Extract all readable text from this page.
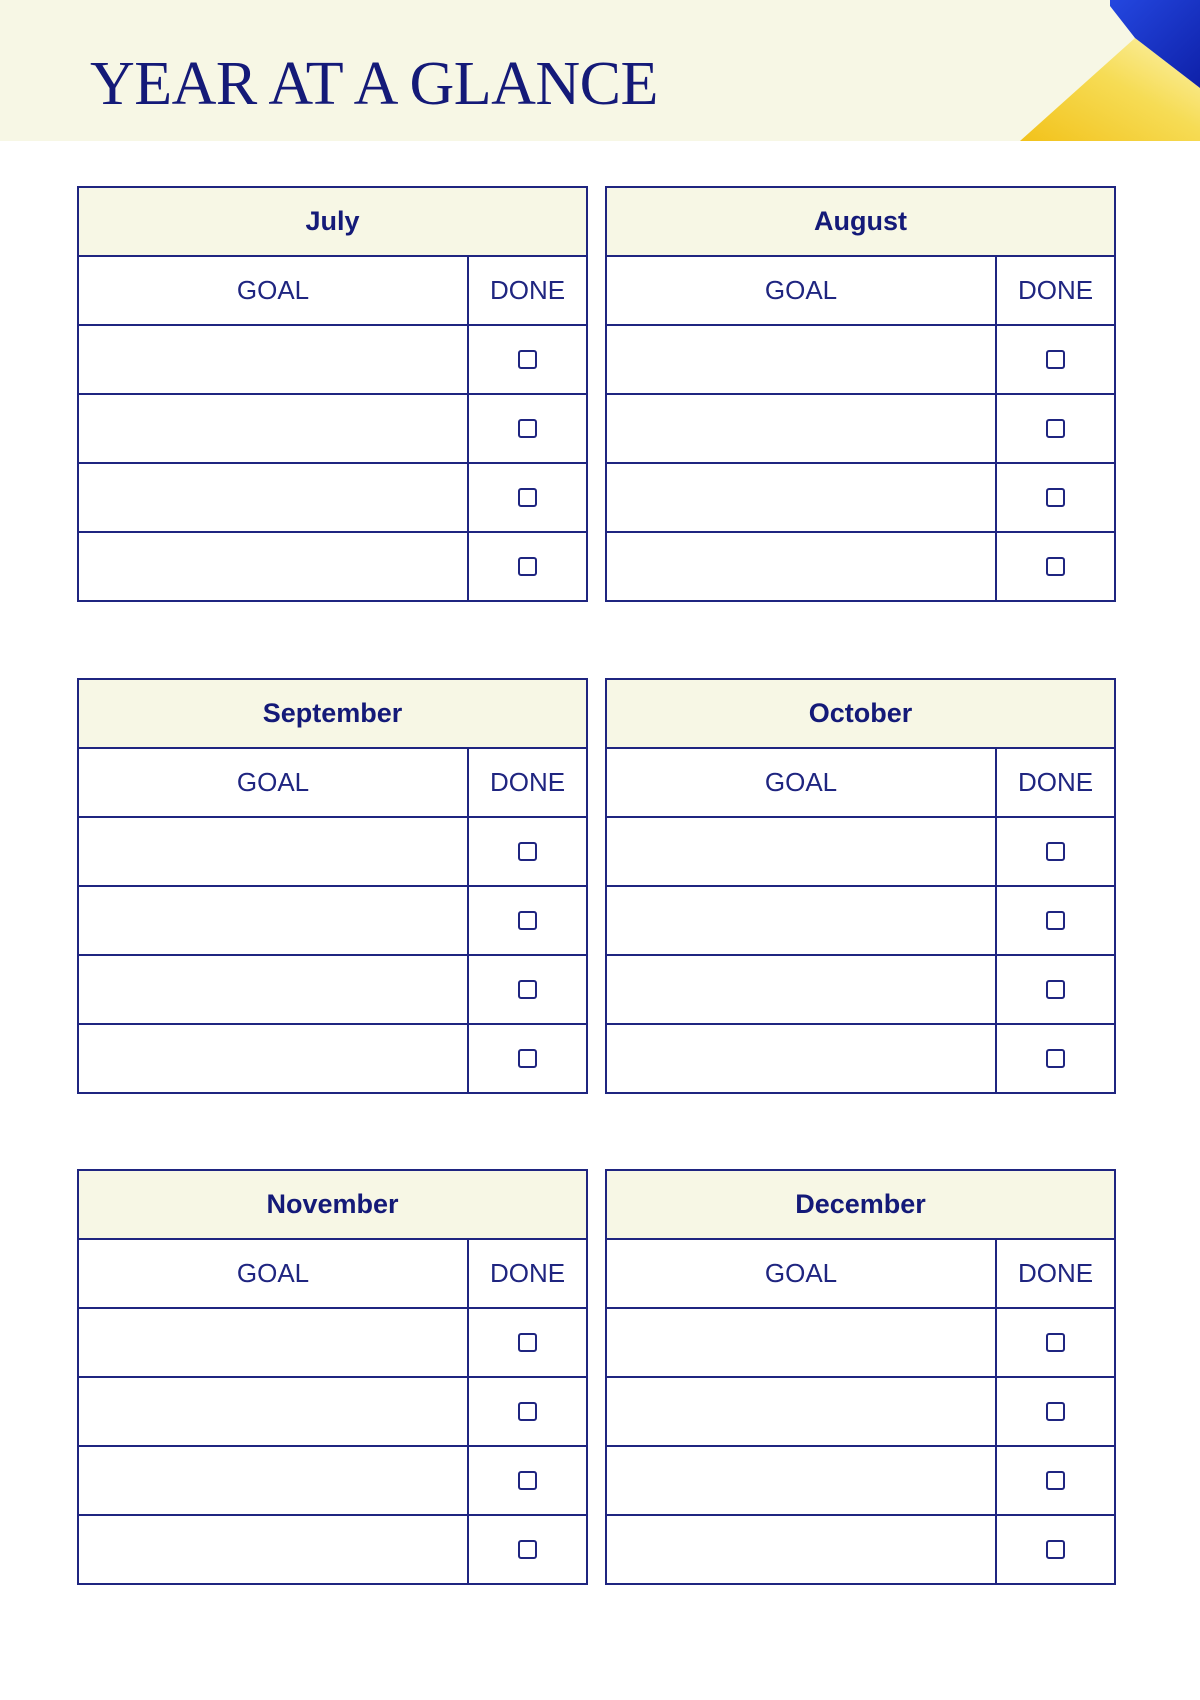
YEAR AT A GLANCE
July	
GOAL	DONE

August	
GOAL	DONE

September	
GOAL	DONE

October	
GOAL	DONE

November	
GOAL	DONE

December	
GOAL	DONE
